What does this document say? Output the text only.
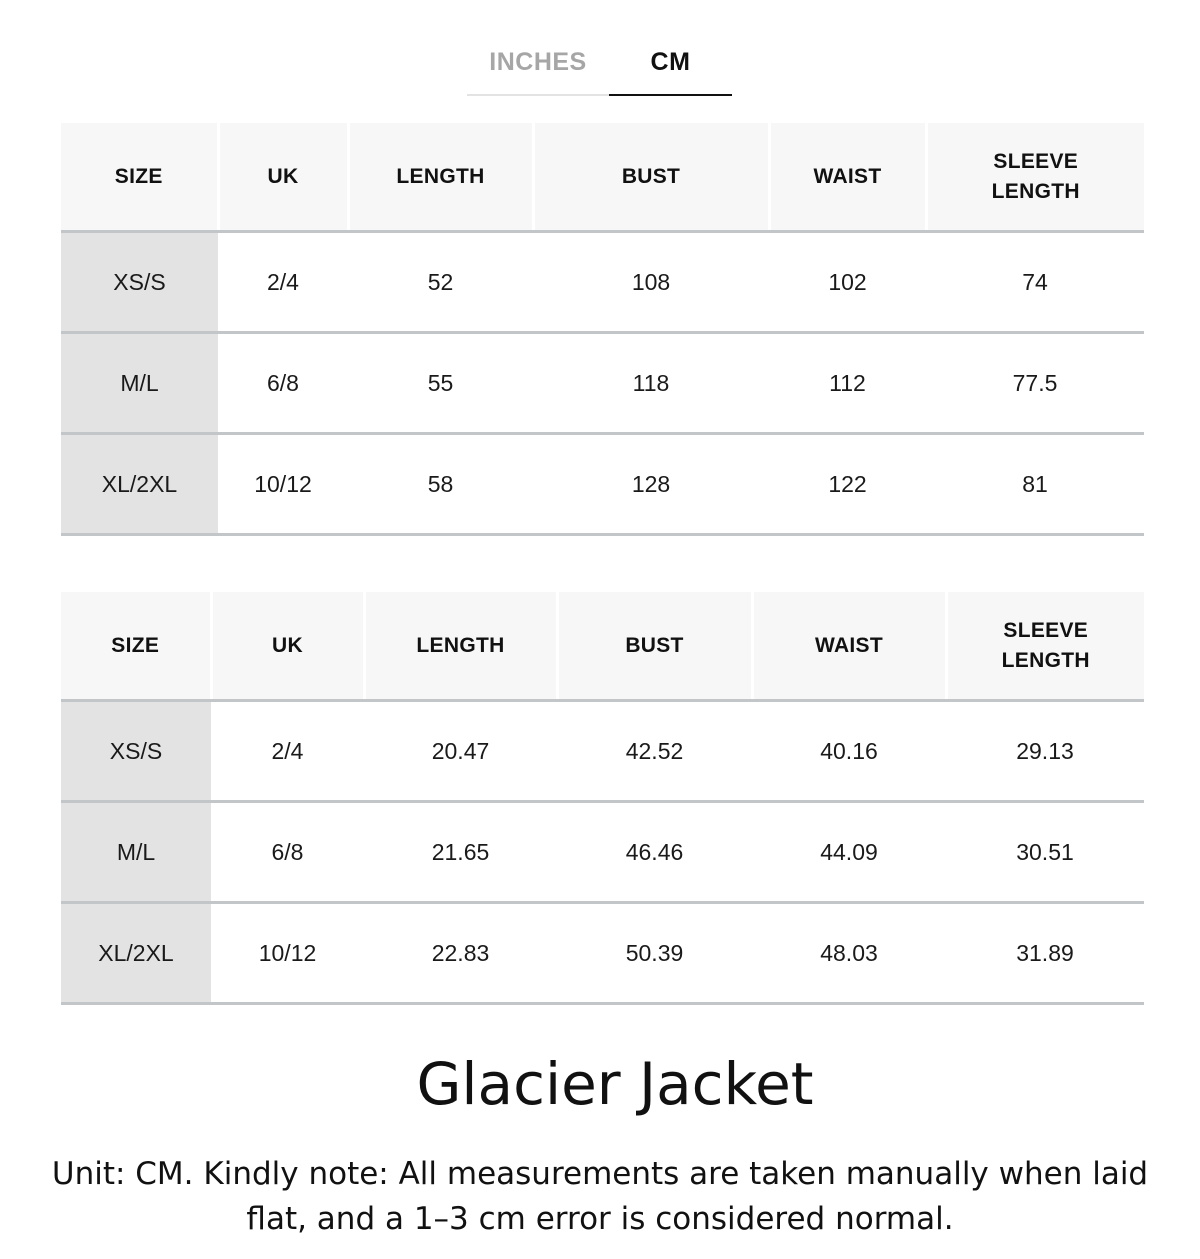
INCHES	CM
SIZE	UK	LENGTH	BUST	WAIST	SLEEVE LENGTH
XS/S	2/4	52	108	102	74
M/L	6/8	55	118	112	77.5
XL/2XL	10/12	58	128	122	81
SIZE	UK	LENGTH	BUST	WAIST	SLEEVE LENGTH
XS/S	2/4	20.47	42.52	40.16	29.13
M/L	6/8	21.65	46.46	44.09	30.51
XL/2XL	10/12	22.83	50.39	48.03	31.89
Glacier Jacket

Unit: CM. Kindly note: All measurements are taken manually when laid flat, and a 1–3 cm error is considered normal.
